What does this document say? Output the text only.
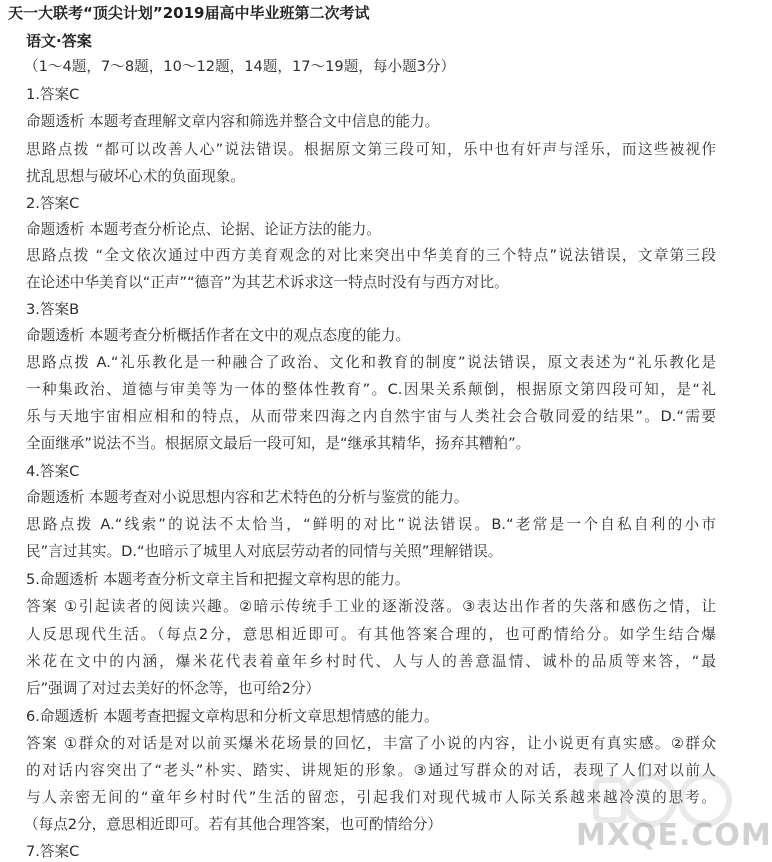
天一大联考“顶尖计划”2019届高中毕业班第二次考试
语文·答案
（1～4题，7～8题，10～12题，14题，17～19题，每小题3分）
1.答案C
命题透析 本题考查理解文章内容和筛选并整合文中信息的能力。
思路点拨 “都可以改善人心”说法错误。根据原文第三段可知，乐中也有奸声与淫乐，而这些被视作
扰乱思想与破坏心术的负面现象。
2.答案C
命题透析 本题考查分析论点、论据、论证方法的能力。
思路点拨 “全文依次通过中西方美育观念的对比来突出中华美育的三个特点”说法错误，文章第三段
在论述中华美育以“正声”“德音”为其艺术诉求这一特点时没有与西方对比。
3.答案B
命题透析 本题考查分析概括作者在文中的观点态度的能力。
思路点拨 A.“礼乐教化是一种融合了政治、文化和教育的制度”说法错误，原文表述为“礼乐教化是
一种集政治、道德与审美等为一体的整体性教育”。C.因果关系颠倒，根据原文第四段可知，是“礼
乐与天地宇宙相应相和的特点，从而带来四海之内自然宇宙与人类社会合敬同爱的结果”。D.“需要
全面继承”说法不当。根据原文最后一段可知，是“继承其精华，扬弃其糟粕”。
4.答案C
命题透析 本题考查对小说思想内容和艺术特色的分析与鉴赏的能力。
思路点拨 A.“线索”的说法不太恰当，“鲜明的对比”说法错误。B.“老常是一个自私自利的小市
民”言过其实。D.“也暗示了城里人对底层劳动者的同情与关照”理解错误。
5.命题透析 本题考查分析文章主旨和把握文章构思的能力。
答案 ①引起读者的阅读兴趣。②暗示传统手工业的逐渐没落。③表达出作者的失落和感伤之情，让
人反思现代生活。（每点2分，意思相近即可。有其他答案合理的，也可酌情给分。如学生结合爆
米花在文中的内涵，爆米花代表着童年乡村时代、人与人的善意温情、诚朴的品质等来答，“最
后”强调了对过去美好的怀念等，也可给2分）
6.命题透析 本题考查把握文章构思和分析文章思想情感的能力。
答案 ①群众的对话是对以前买爆米花场景的回忆，丰富了小说的内容，让小说更有真实感。②群众
的对话内容突出了“老头”朴实、踏实、讲规矩的形象。③通过写群众的对话，表现了人们对以前人
与人亲密无间的“童年乡村时代”生活的留恋，引起我们对现代城市人际关系越来越冷漠的思考。
（每点2分，意思相近即可。若有其他合理答案，也可酌情给分）
7.答案C	MXQE.COM
